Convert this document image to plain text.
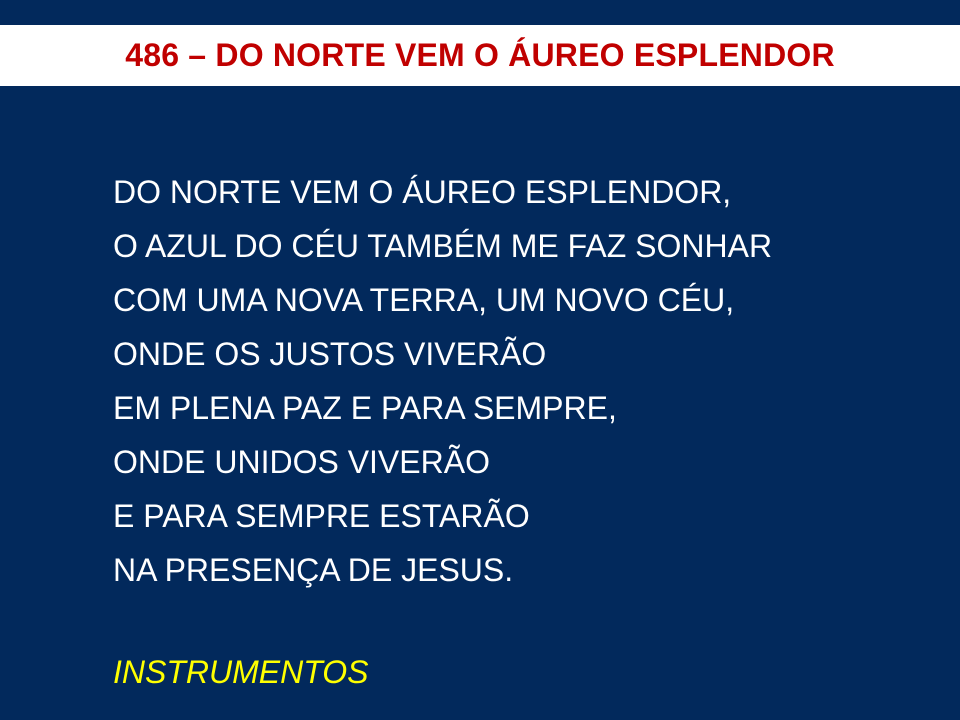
486 – DO NORTE VEM O ÁUREO ESPLENDOR
DO NORTE VEM O ÁUREO ESPLENDOR,
O AZUL DO CÉU TAMBÉM ME FAZ SONHAR
COM UMA NOVA TERRA, UM NOVO CÉU,
ONDE OS JUSTOS VIVERÃO
EM PLENA PAZ E PARA SEMPRE,
ONDE UNIDOS VIVERÃO
E PARA SEMPRE ESTARÃO
NA PRESENÇA DE JESUS.
INSTRUMENTOS
